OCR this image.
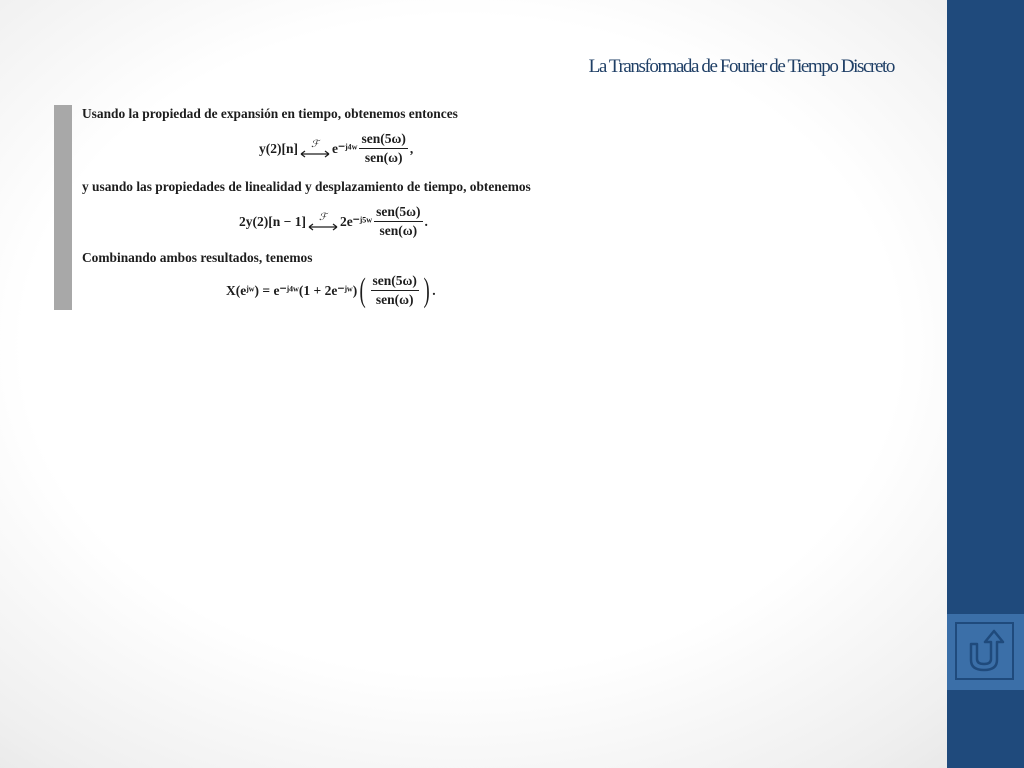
La Transformada de Fourier de Tiempo Discreto
Usando la propiedad de expansión en tiempo, obtenemos entonces
y(2)[n] ℱ e⁻ʲ⁴ʷ $\frac{\text{sen(5ω)}}{\text{sen(ω)}}$ ,
y usando las propiedades de linealidad y desplazamiento de tiempo, obtenemos
2y(2)[n − 1] ℱ 2e⁻ʲ⁵ʷ $\frac{\text{sen(5ω)}}{\text{sen(ω)}}$ .
Combinando ambos resultados, tenemos
X(eʲʷ) = e⁻ʲ⁴ʷ(1 + 2e⁻ʲʷ) ( $\frac{\text{sen(5ω)}}{\text{sen(ω)}}$ ) .
